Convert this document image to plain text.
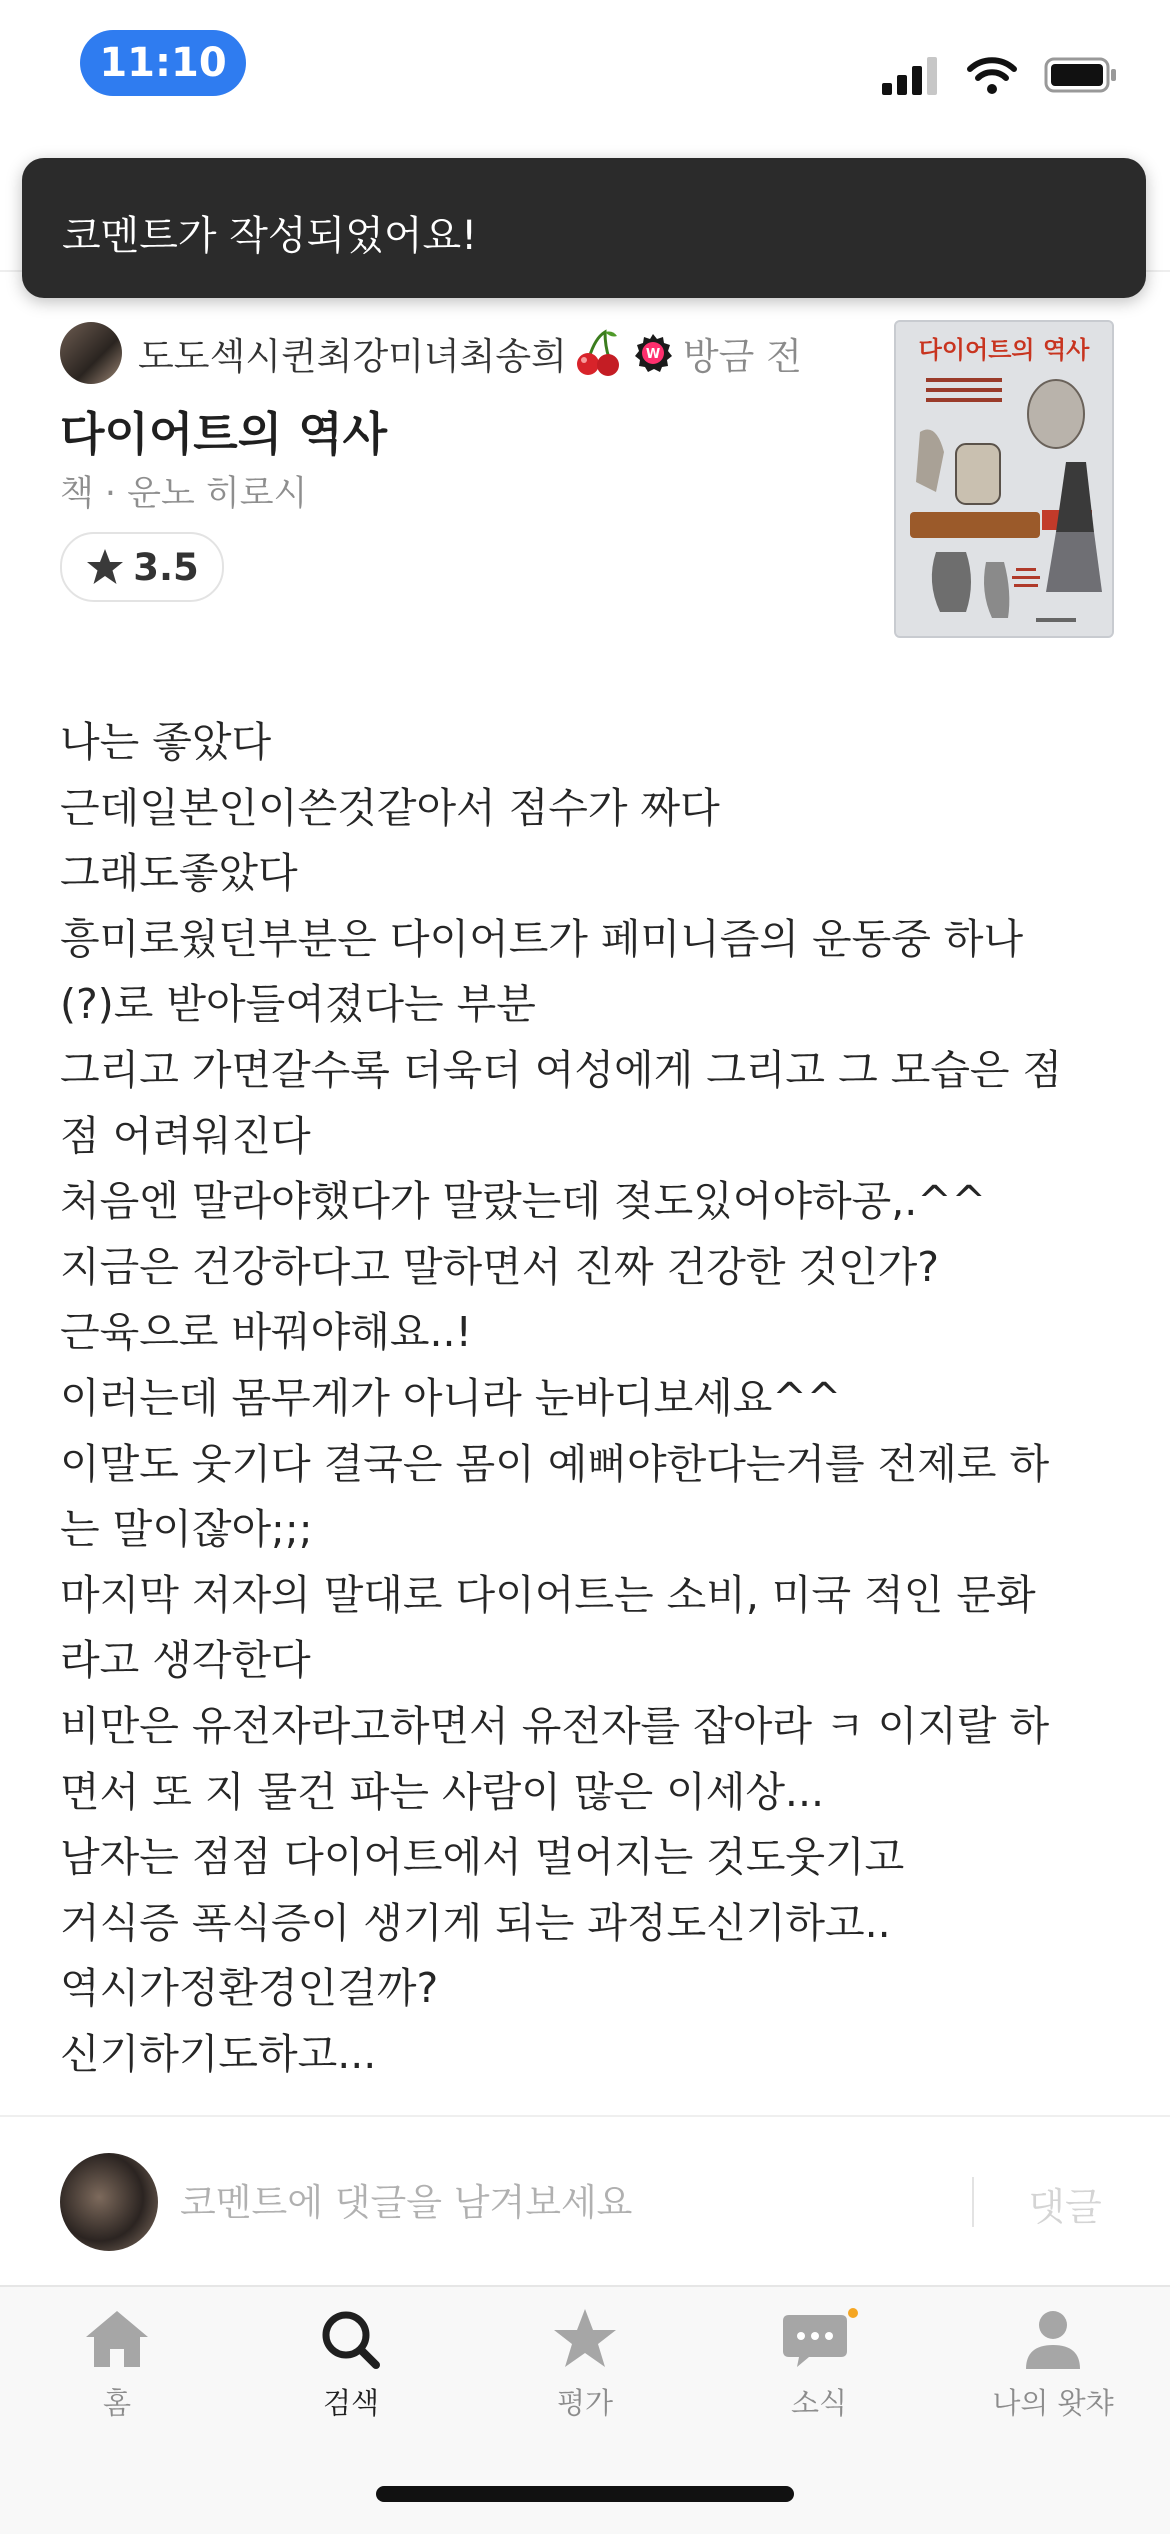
11:10
코멘트가 작성되었어요!
도도섹시퀸최강미녀최송희	W 방금 전
다이어트의 역사
책 · 운노 히로시
3.5
다이어트의 역사

나는 좋았다

근데일본인이쓴것같아서 점수가 짜다

그래도좋았다

흥미로웠던부분은 다이어트가 페미니즘의 운동중 하나

(?)로 받아들여졌다는 부분

그리고 가면갈수록 더욱더 여성에게 그리고 그 모습은 점

점 어려워진다

처음엔 말라야했다가 말랐는데 젖도있어야하공,.^^

지금은 건강하다고 말하면서 진짜 건강한 것인가?

근육으로 바꿔야해요..!

이러는데 몸무게가 아니라 눈바디보세요^^

이말도 웃기다 결국은 몸이 예뻐야한다는거를 전제로 하

는 말이잖아;;;

마지막 저자의 말대로 다이어트는 소비, 미국 적인 문화

라고 생각한다

비만은 유전자라고하면서 유전자를 잡아라 ㅋ 이지랄 하

면서 또 지 물건 파는 사람이 많은 이세상...

남자는 점점 다이어트에서 멀어지는 것도웃기고

거식증 폭식증이 생기게 되는 과정도신기하고..

역시가정환경인걸까?

신기하기도하고...

코멘트에 댓글을 남겨보세요
댓글
홈	검색	평가	소식	나의 왓챠
